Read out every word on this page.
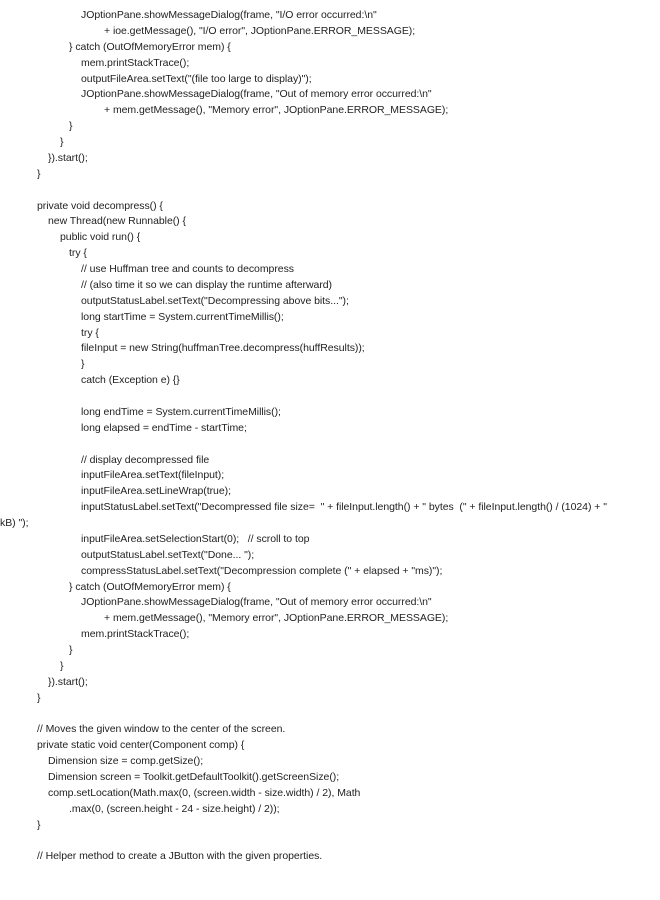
JOptionPane.showMessageDialog(frame, "I/O error occurred:\n"
+ ioe.getMessage(), "I/O error", JOptionPane.ERROR_MESSAGE);
} catch (OutOfMemoryError mem) {
mem.printStackTrace();
outputFileArea.setText("(file too large to display)");
JOptionPane.showMessageDialog(frame, "Out of memory error occurred:\n"
+ mem.getMessage(), "Memory error", JOptionPane.ERROR_MESSAGE);
}
}
}).start();
}
private void decompress() {
new Thread(new Runnable() {
public void run() {
try {
// use Huffman tree and counts to decompress
// (also time it so we can display the runtime afterward)
outputStatusLabel.setText("Decompressing above bits...");
long startTime = System.currentTimeMillis();
try {
fileInput = new String(huffmanTree.decompress(huffResults));
}
catch (Exception e) {}
long endTime = System.currentTimeMillis();
long elapsed = endTime - startTime;
// display decompressed file
inputFileArea.setText(fileInput);
inputFileArea.setLineWrap(true);
inputStatusLabel.setText("Decompressed file size=  " + fileInput.length() + " bytes  (" + fileInput.length() / (1024) + "
kB) ");
inputFileArea.setSelectionStart(0);   // scroll to top
outputStatusLabel.setText("Done... ");
compressStatusLabel.setText("Decompression complete (" + elapsed + "ms)");
} catch (OutOfMemoryError mem) {
JOptionPane.showMessageDialog(frame, "Out of memory error occurred:\n"
+ mem.getMessage(), "Memory error", JOptionPane.ERROR_MESSAGE);
mem.printStackTrace();
}
}
}).start();
}
// Moves the given window to the center of the screen.
private static void center(Component comp) {
Dimension size = comp.getSize();
Dimension screen = Toolkit.getDefaultToolkit().getScreenSize();
comp.setLocation(Math.max(0, (screen.width - size.width) / 2), Math
.max(0, (screen.height - 24 - size.height) / 2));
}
// Helper method to create a JButton with the given properties.
